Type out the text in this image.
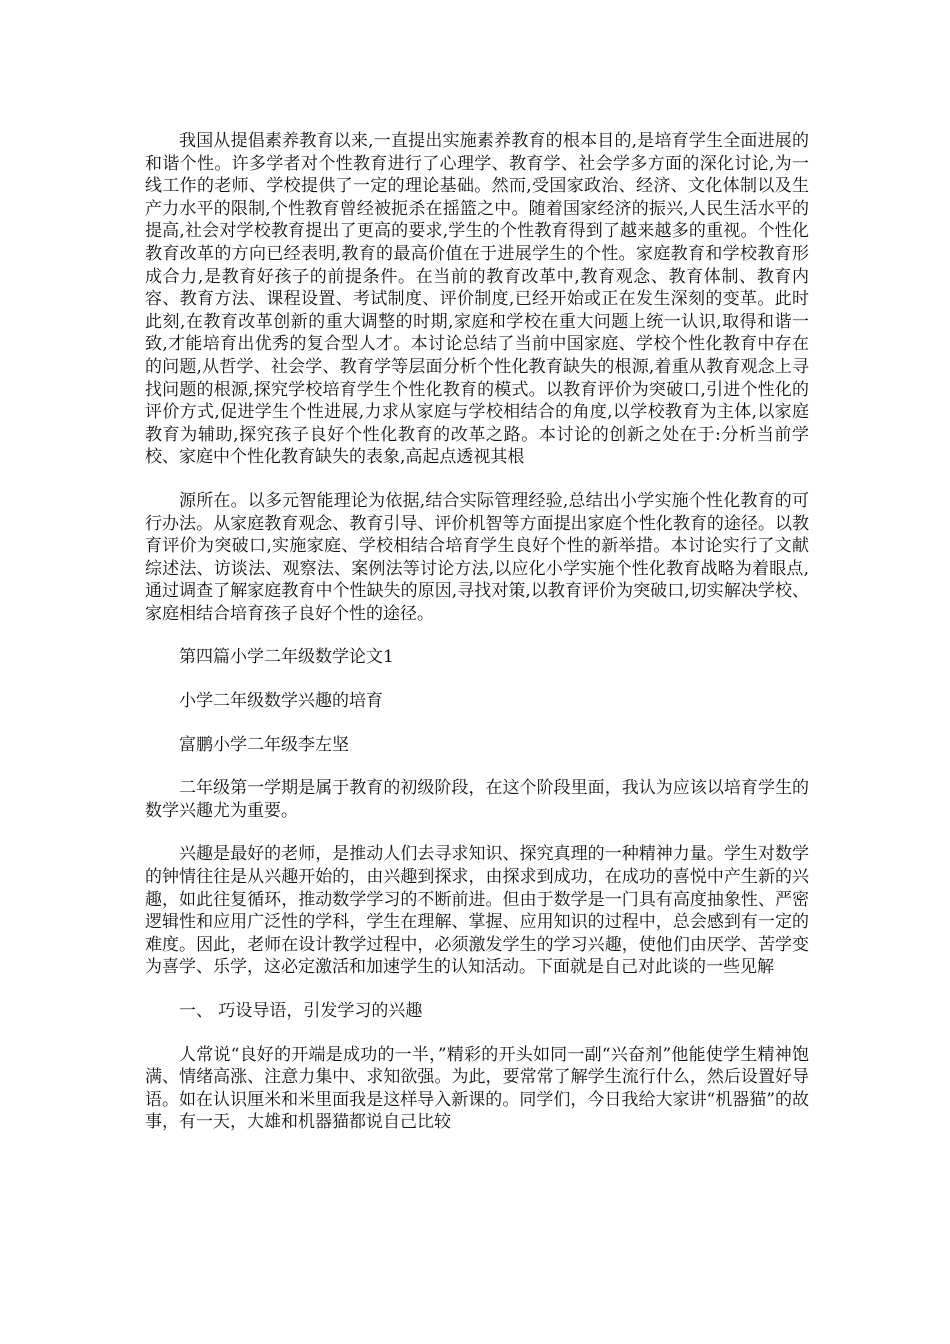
我国从提倡素养教育以来,一直提出实施素养教育的根本目的,是培育学生全面进展的和谐个性。许多学者对个性教育进行了心理学、教育学、社会学多方面的深化讨论,为一线工作的老师、学校提供了一定的理论基础。然而,受国家政治、经济、文化体制以及生产力水平的限制,个性教育曾经被扼杀在摇篮之中。随着国家经济的振兴,人民生活水平的提高,社会对学校教育提出了更高的要求,学生的个性教育得到了越来越多的重视。个性化教育改革的方向已经表明,教育的最高价值在于进展学生的个性。家庭教育和学校教育形成合力,是教育好孩子的前提条件。在当前的教育改革中,教育观念、教育体制、教育内容、教育方法、课程设置、考试制度、评价制度,已经开始或正在发生深刻的变革。此时此刻,在教育改革创新的重大调整的时期,家庭和学校在重大问题上统一认识,取得和谐一致,才能培育出优秀的复合型人才。本讨论总结了当前中国家庭、学校个性化教育中存在的问题,从哲学、社会学、教育学等层面分析个性化教育缺失的根源,着重从教育观念上寻找问题的根源,探究学校培育学生个性化教育的模式。以教育评价为突破口,引进个性化的评价方式,促进学生个性进展,力求从家庭与学校相结合的角度,以学校教育为主体,以家庭教育为辅助,探究孩子良好个性化教育的改革之路。本讨论的创新之处在于:分析当前学校、家庭中个性化教育缺失的表象,高起点透视其根

源所在。以多元智能理论为依据,结合实际管理经验,总结出小学实施个性化教育的可行办法。从家庭教育观念、教育引导、评价机智等方面提出家庭个性化教育的途径。以教育评价为突破口,实施家庭、学校相结合培育学生良好个性的新举措。本讨论实行了文献综述法、访谈法、观察法、案例法等讨论方法,以应化小学实施个性化教育战略为着眼点,通过调查了解家庭教育中个性缺失的原因,寻找对策,以教育评价为突破口,切实解决学校、家庭相结合培育孩子良好个性的途径。

第四篇小学二年级数学论文1

小学二年级数学兴趣的培育

富鹏小学二年级李左坚

二年级第一学期是属于教育的初级阶段，在这个阶段里面，我认为应该以培育学生的数学兴趣尤为重要。

兴趣是最好的老师，是推动人们去寻求知识、探究真理的一种精神力量。学生对数学的钟情往往是从兴趣开始的，由兴趣到探求，由探求到成功，在成功的喜悦中产生新的兴趣，如此往复循环，推动数学学习的不断前进。但由于数学是一门具有高度抽象性、严密逻辑性和应用广泛性的学科，学生在理解、掌握、应用知识的过程中，总会感到有一定的难度。因此，老师在设计教学过程中，必须激发学生的学习兴趣，使他们由厌学、苦学变为喜学、乐学，这必定激活和加速学生的认知活动。下面就是自己对此谈的一些见解

一、 巧设导语，引发学习的兴趣

人常说“良好的开端是成功的一半，”精彩的开头如同一副“兴奋剂”他能使学生精神饱满、情绪高涨、注意力集中、求知欲强。为此，要常常了解学生流行什么，然后设置好导语。如在认识厘米和米里面我是这样导入新课的。同学们，今日我给大家讲“机器猫”的故事，有一天，大雄和机器猫都说自己比较
